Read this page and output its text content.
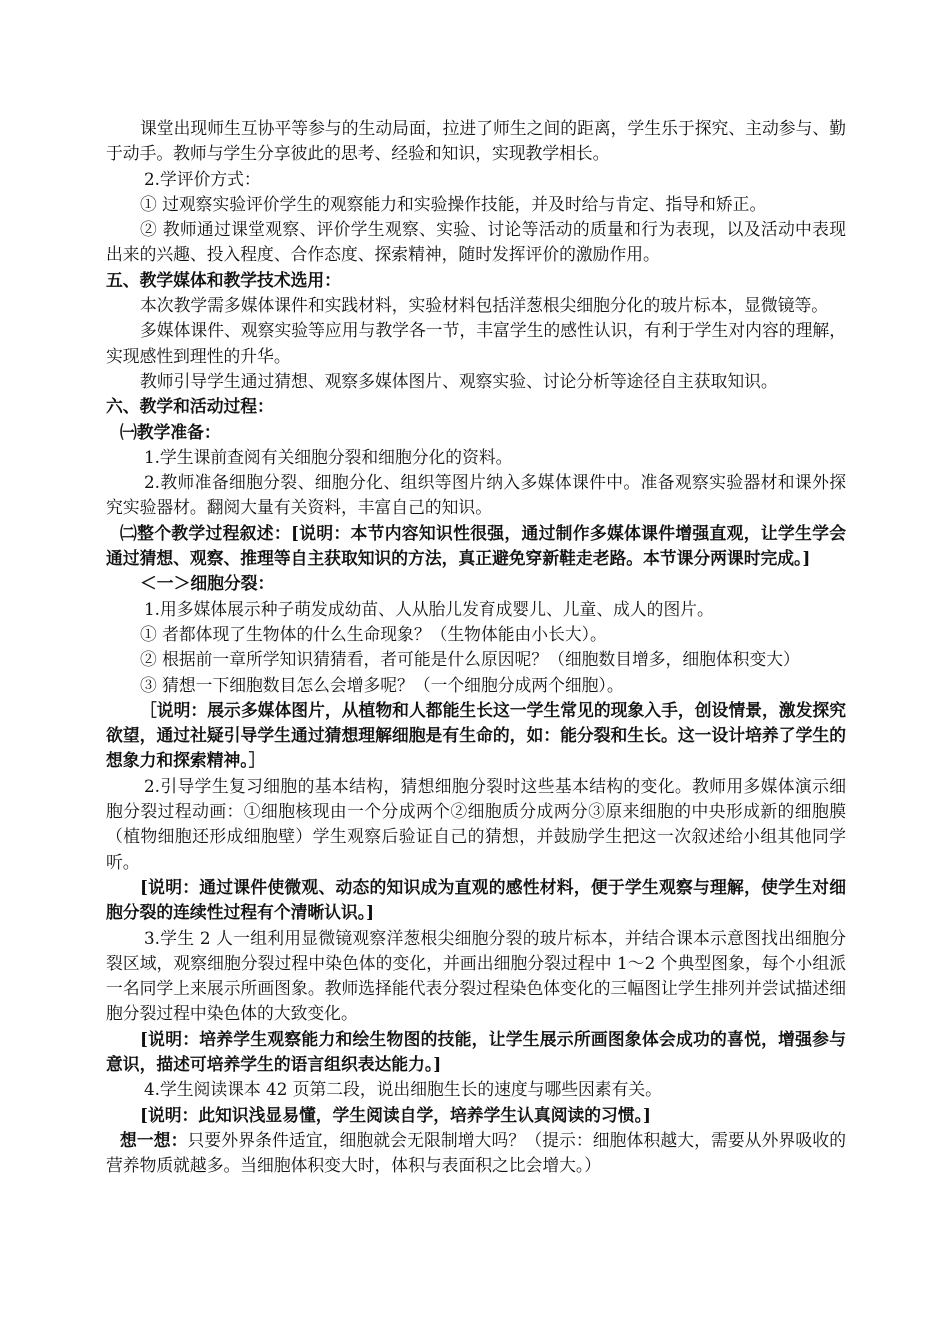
课堂出现师生互协平等参与的生动局面，拉进了师生之间的距离，学生乐于探究、主动参与、勤于动手。教师与学生分享彼此的思考、经验和知识，实现教学相长。

2.学评价方式：

① 过观察实验评价学生的观察能力和实验操作技能，并及时给与肯定、指导和矫正。

② 教师通过课堂观察、评价学生观察、实验、讨论等活动的质量和行为表现，以及活动中表现出来的兴趣、投入程度、合作态度、探索精神，随时发挥评价的激励作用。

五、教学媒体和教学技术选用：

本次教学需多媒体课件和实践材料，实验材料包括洋葱根尖细胞分化的玻片标本，显微镜等。

多媒体课件、观察实验等应用与教学各一节，丰富学生的感性认识，有利于学生对内容的理解，实现感性到理性的升华。

教师引导学生通过猜想、观察多媒体图片、观察实验、讨论分析等途径自主获取知识。

六、教学和活动过程：

㈠教学准备：

1.学生课前查阅有关细胞分裂和细胞分化的资料。

2.教师准备细胞分裂、细胞分化、组织等图片纳入多媒体课件中。准备观察实验器材和课外探究实验器材。翻阅大量有关资料，丰富自己的知识。

㈡整个教学过程叙述：[说明：本节内容知识性很强，通过制作多媒体课件增强直观，让学生学会通过猜想、观察、推理等自主获取知识的方法，真正避免穿新鞋走老路。本节课分两课时完成。]

＜一＞细胞分裂：

1.用多媒体展示种子萌发成幼苗、人从胎儿发育成婴儿、儿童、成人的图片。

① 者都体现了生物体的什么生命现象？（生物体能由小长大）。

② 根据前一章所学知识猜猜看，者可能是什么原因呢？（细胞数目增多，细胞体积变大）

③ 猜想一下细胞数目怎么会增多呢？（一个细胞分成两个细胞）。

［说明：展示多媒体图片，从植物和人都能生长这一学生常见的现象入手，创设情景，激发探究欲望，通过社疑引导学生通过猜想理解细胞是有生命的，如：能分裂和生长。这一设计培养了学生的想象力和探索精神。］

2.引导学生复习细胞的基本结构，猜想细胞分裂时这些基本结构的变化。教师用多媒体演示细胞分裂过程动画：①细胞核现由一个分成两个②细胞质分成两分③原来细胞的中央形成新的细胞膜（植物细胞还形成细胞壁）学生观察后验证自己的猜想，并鼓励学生把这一次叙述给小组其他同学听。

[说明：通过课件使微观、动态的知识成为直观的感性材料，便于学生观察与理解，使学生对细胞分裂的连续性过程有个清晰认识。]

3.学生 2 人一组利用显微镜观察洋葱根尖细胞分裂的玻片标本，并结合课本示意图找出细胞分裂区域，观察细胞分裂过程中染色体的变化，并画出细胞分裂过程中 1～2 个典型图象，每个小组派一名同学上来展示所画图象。教师选择能代表分裂过程染色体变化的三幅图让学生排列并尝试描述细胞分裂过程中染色体的大致变化。

[说明：培养学生观察能力和绘生物图的技能，让学生展示所画图象体会成功的喜悦，增强参与意识，描述可培养学生的语言组织表达能力。]

4.学生阅读课本 42 页第二段，说出细胞生长的速度与哪些因素有关。

[说明：此知识浅显易懂，学生阅读自学，培养学生认真阅读的习惯。]

想一想：只要外界条件适宜，细胞就会无限制增大吗？（提示：细胞体积越大，需要从外界吸收的营养物质就越多。当细胞体积变大时，体积与表面积之比会增大。）
